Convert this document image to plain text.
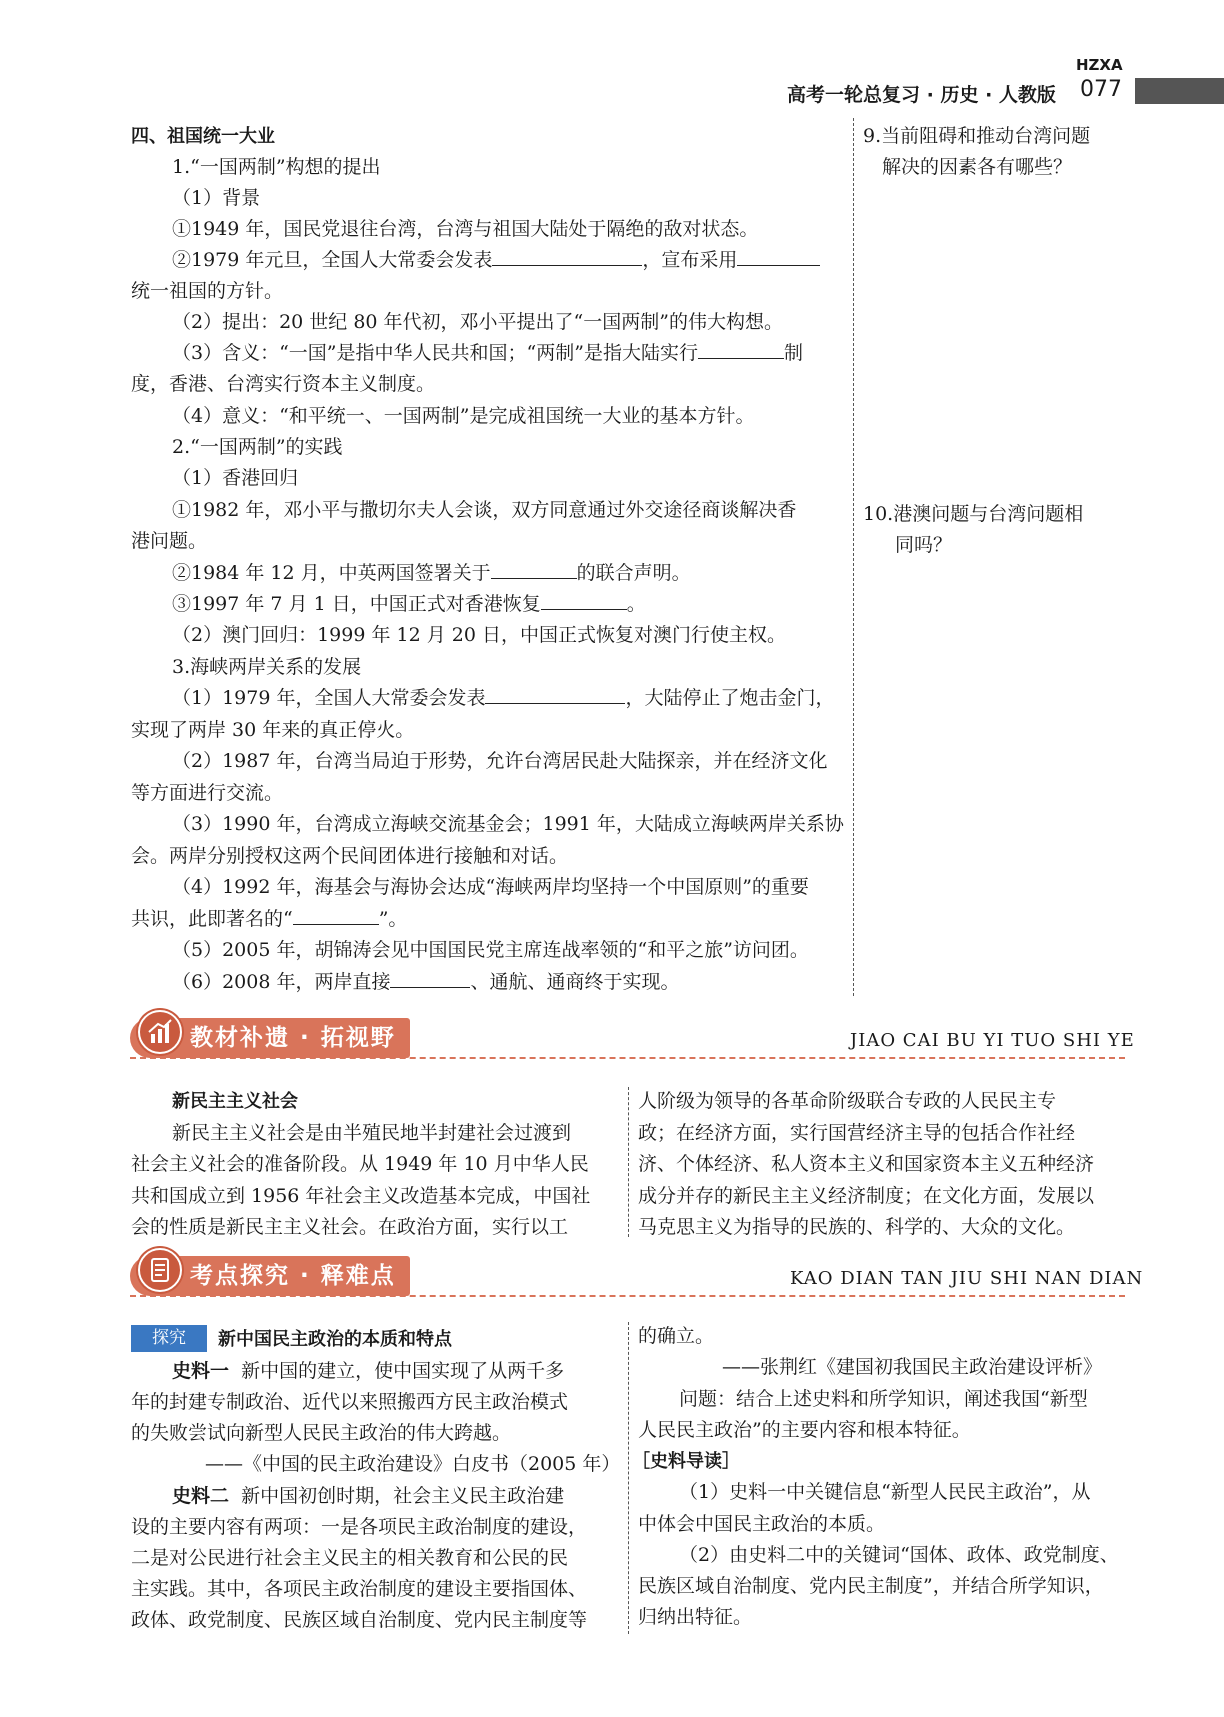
HZXA
高考一轮总复习 · 历史 · 人教版 077
四、祖国统一大业
1.“一国两制”构想的提出
（1）背景
①1949 年，国民党退往台湾，台湾与祖国大陆处于隔绝的敌对状态。
②1979 年元旦，全国人大常委会发表	，宣布采用
统一祖国的方针。
（2）提出：20 世纪 80 年代初，邓小平提出了“一国两制”的伟大构想。
（3）含义：“一国”是指中华人民共和国；“两制”是指大陆实行	制
度，香港、台湾实行资本主义制度。
（4）意义：“和平统一、一国两制”是完成祖国统一大业的基本方针。
2.“一国两制”的实践
（1）香港回归
①1982 年，邓小平与撒切尔夫人会谈，双方同意通过外交途径商谈解决香
港问题。
②1984 年 12 月，中英两国签署关于	的联合声明。
③1997 年 7 月 1 日，中国正式对香港恢复	。
（2）澳门回归：1999 年 12 月 20 日，中国正式恢复对澳门行使主权。
3.海峡两岸关系的发展
（1）1979 年，全国人大常委会发表	，大陆停止了炮击金门，
实现了两岸 30 年来的真正停火。
（2）1987 年，台湾当局迫于形势，允许台湾居民赴大陆探亲，并在经济文化
等方面进行交流。
（3）1990 年，台湾成立海峡交流基金会；1991 年，大陆成立海峡两岸关系协
会。两岸分别授权这两个民间团体进行接触和对话。
（4）1992 年，海基会与海协会达成“海峡两岸均坚持一个中国原则”的重要
共识，此即著名的“	”。
（5）2005 年，胡锦涛会见中国国民党主席连战率领的“和平之旅”访问团。
（6）2008 年，两岸直接	、通航、通商终于实现。
9.当前阻碍和推动台湾问题
解决的因素各有哪些？
10.港澳问题与台湾问题相
同吗？
教材补遗 · 拓视野	JIAO CAI BU YI TUO SHI YE
新民主主义社会
新民主主义社会是由半殖民地半封建社会过渡到
社会主义社会的准备阶段。从 1949 年 10 月中华人民
共和国成立到 1956 年社会主义改造基本完成，中国社
会的性质是新民主主义社会。在政治方面，实行以工
人阶级为领导的各革命阶级联合专政的人民民主专
政；在经济方面，实行国营经济主导的包括合作社经
济、个体经济、私人资本主义和国家资本主义五种经济
成分并存的新民主主义经济制度；在文化方面，发展以
马克思主义为指导的民族的、科学的、大众的文化。
考点探究 · 释难点	KAO DIAN TAN JIU SHI NAN DIAN
探究	新中国民主政治的本质和特点
史料一 新中国的建立，使中国实现了从两千多
年的封建专制政治、近代以来照搬西方民主政治模式
的失败尝试向新型人民民主政治的伟大跨越。
——《中国的民主政治建设》白皮书（2005 年）
史料二 新中国初创时期，社会主义民主政治建
设的主要内容有两项：一是各项民主政治制度的建设，
二是对公民进行社会主义民主的相关教育和公民的民
主实践。其中，各项民主政治制度的建设主要指国体、
政体、政党制度、民族区域自治制度、党内民主制度等
的确立。
——张荆红《建国初我国民主政治建设评析》
问题：结合上述史料和所学知识，阐述我国“新型
人民民主政治”的主要内容和根本特征。
［史料导读］
（1）史料一中关键信息“新型人民民主政治”，从
中体会中国民主政治的本质。
（2）由史料二中的关键词“国体、政体、政党制度、
民族区域自治制度、党内民主制度”，并结合所学知识，
归纳出特征。
